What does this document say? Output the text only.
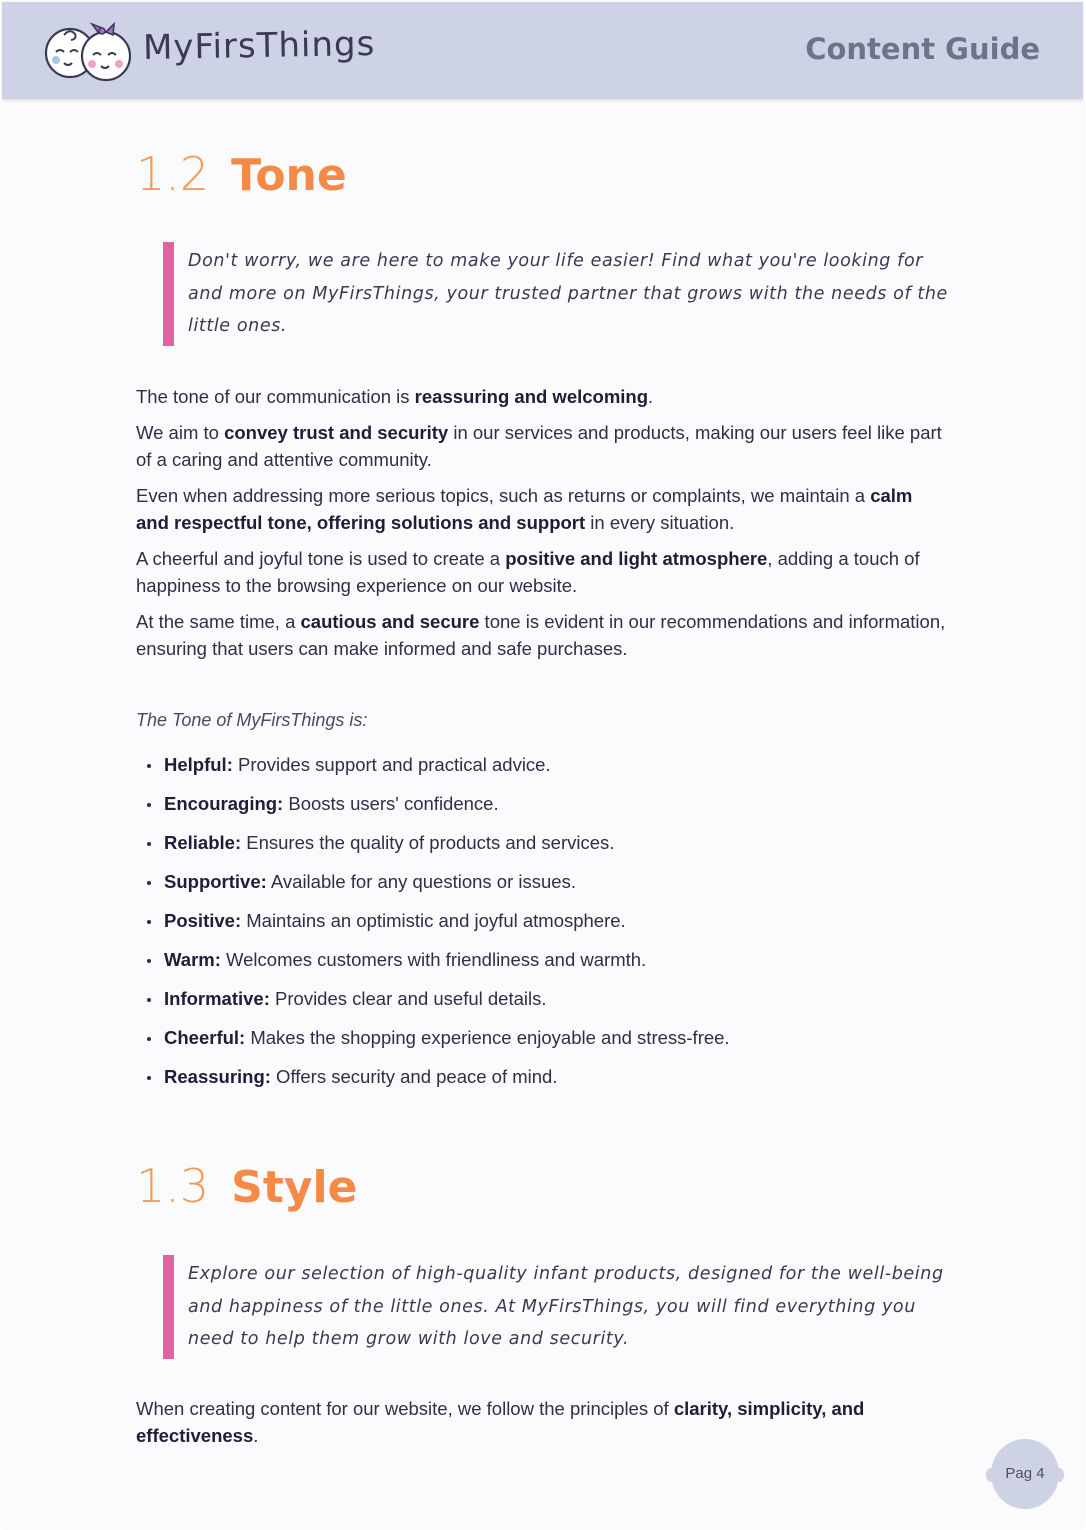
MyFirsThings	Content Guide
1.2 Tone
Don't worry, we are here to make your life easier! Find what you're looking for and more on MyFirsThings, your trusted partner that grows with the needs of the little ones.
The tone of our communication is reassuring and welcoming.
We aim to convey trust and security in our services and products, making our users feel like part of a caring and attentive community.
Even when addressing more serious topics, such as returns or complaints, we maintain a calm and respectful tone, offering solutions and support in every situation.
A cheerful and joyful tone is used to create a positive and light atmosphere, adding a touch of happiness to the browsing experience on our website.
At the same time, a cautious and secure tone is evident in our recommendations and information, ensuring that users can make informed and safe purchases.
The Tone of MyFirsThings is:
Helpful: Provides support and practical advice.
Encouraging: Boosts users' confidence.
Reliable: Ensures the quality of products and services.
Supportive: Available for any questions or issues.
Positive: Maintains an optimistic and joyful atmosphere.
Warm: Welcomes customers with friendliness and warmth.
Informative: Provides clear and useful details.
Cheerful: Makes the shopping experience enjoyable and stress-free.
Reassuring: Offers security and peace of mind.
1.3 Style
Explore our selection of high-quality infant products, designed for the well-being and happiness of the little ones. At MyFirsThings, you will find everything you need to help them grow with love and security.
When creating content for our website, we follow the principles of clarity, simplicity, and effectiveness.
Pag 4
